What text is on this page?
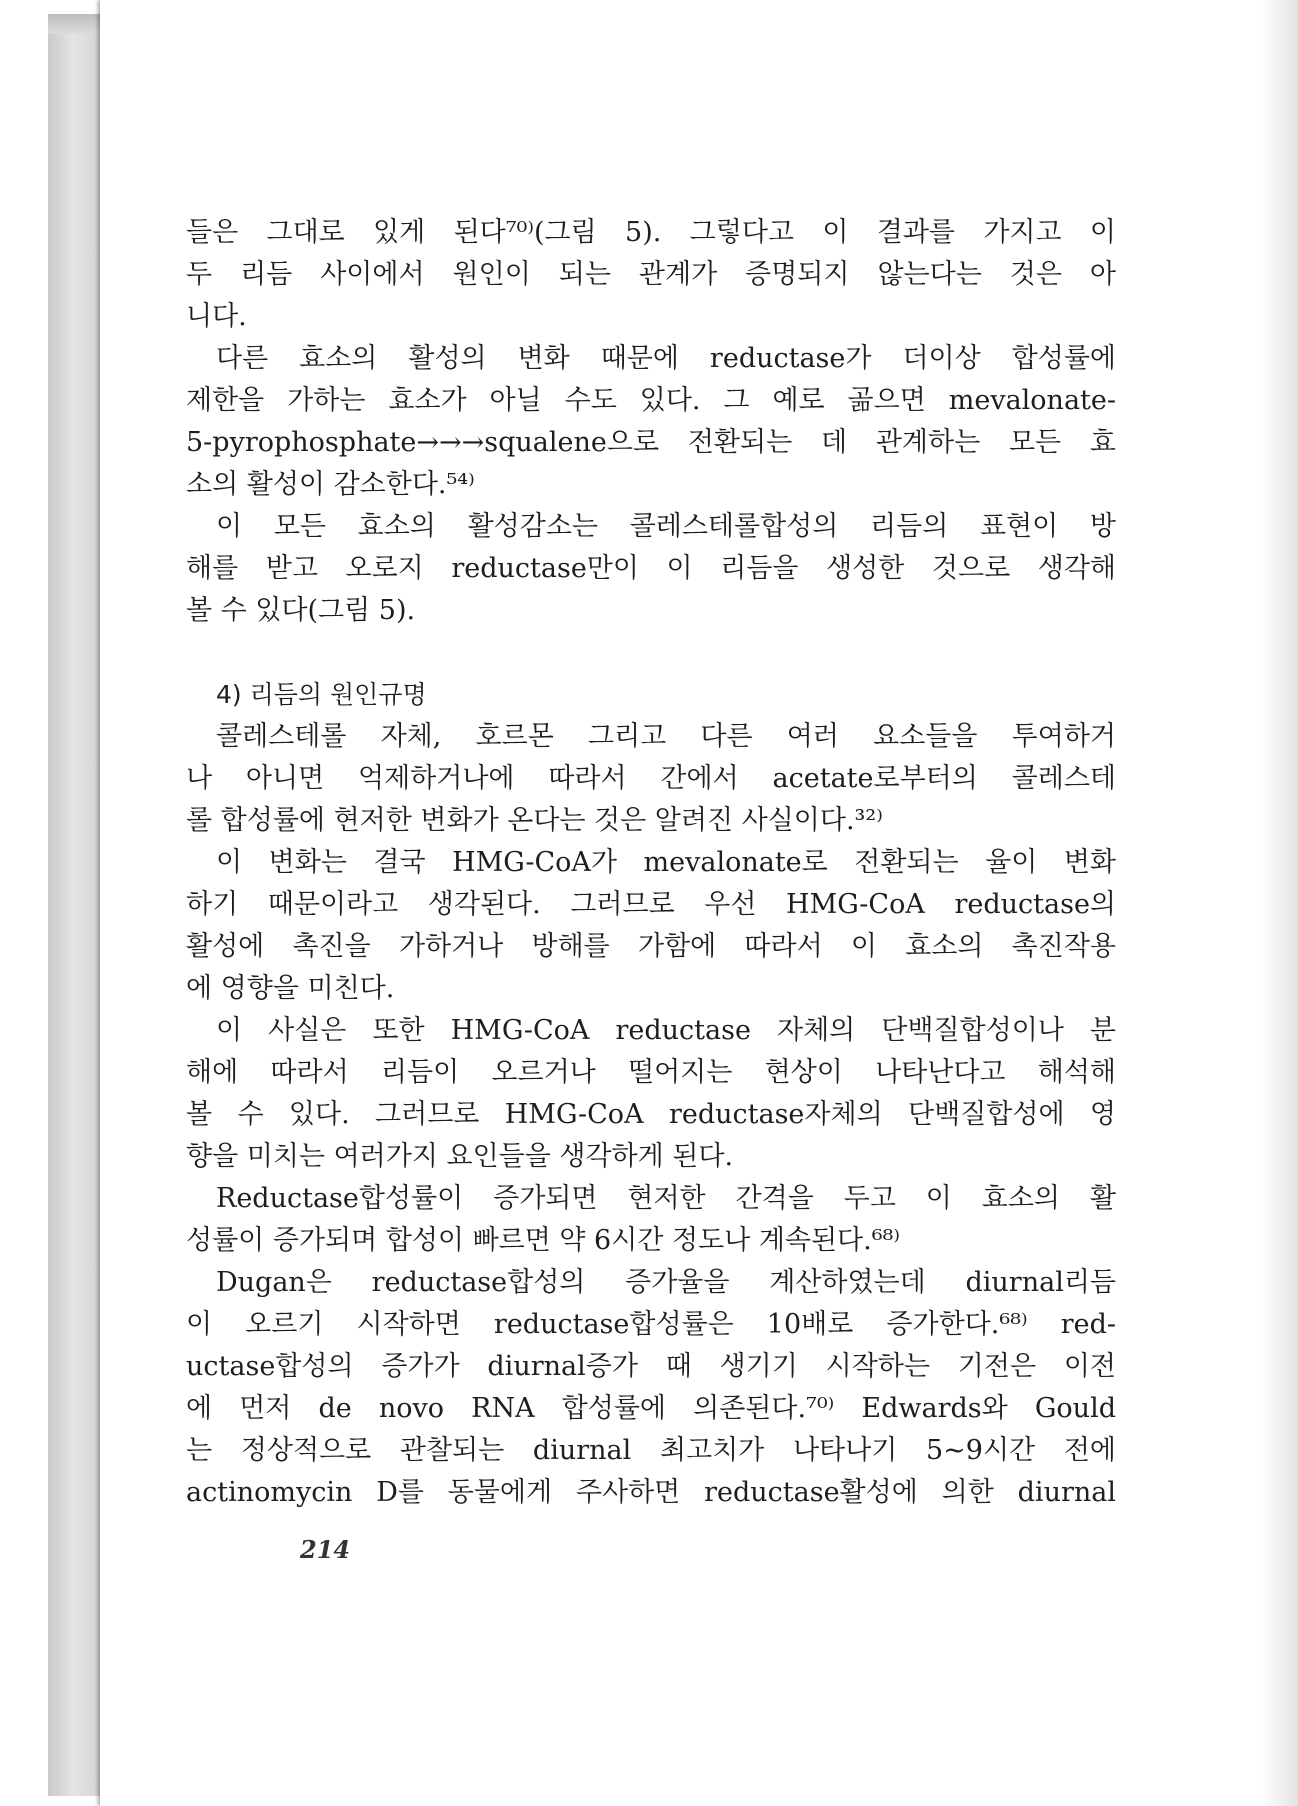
들은 그대로 있게 된다⁷⁰⁾(그림 5). 그렇다고 이 결과를 가지고 이
두 리듬 사이에서 원인이 되는 관계가 증명되지 않는다는 것은 아
니다.
다른 효소의 활성의 변화 때문에 reductase가 더이상 합성률에
제한을 가하는 효소가 아닐 수도 있다. 그 예로 곪으면 mevalonate-
5-pyrophosphate→→→squalene으로 전환되는 데 관계하는 모든 효
소의 활성이 감소한다.⁵⁴⁾
이 모든 효소의 활성감소는 콜레스테롤합성의 리듬의 표현이 방
해를 받고 오로지 reductase만이 이 리듬을 생성한 것으로 생각해
볼 수 있다(그림 5).
4) 리듬의 원인규명
콜레스테롤 자체, 호르몬 그리고 다른 여러 요소들을 투여하거
나 아니면 억제하거나에 따라서 간에서 acetate로부터의 콜레스테
롤 합성률에 현저한 변화가 온다는 것은 알려진 사실이다.³²⁾
이 변화는 결국 HMG-CoA가 mevalonate로 전환되는 율이 변화
하기 때문이라고 생각된다. 그러므로 우선 HMG-CoA reductase의
활성에 촉진을 가하거나 방해를 가함에 따라서 이 효소의 촉진작용
에 영향을 미친다.
이 사실은 또한 HMG-CoA reductase 자체의 단백질합성이나 분
해에 따라서 리듬이 오르거나 떨어지는 현상이 나타난다고 해석해
볼 수 있다. 그러므로 HMG-CoA reductase자체의 단백질합성에 영
향을 미치는 여러가지 요인들을 생각하게 된다.
Reductase합성률이 증가되면 현저한 간격을 두고 이 효소의 활
성률이 증가되며 합성이 빠르면 약 6시간 정도나 계속된다.⁶⁸⁾
Dugan은 reductase합성의 증가율을 계산하였는데 diurnal리듬
이 오르기 시작하면 reductase합성률은 10배로 증가한다.⁶⁸⁾ red-
uctase합성의 증가가 diurnal증가 때 생기기 시작하는 기전은 이전
에 먼저 de novo RNA 합성률에 의존된다.⁷⁰⁾ Edwards와 Gould
는 정상적으로 관찰되는 diurnal 최고치가 나타나기 5∼9시간 전에
actinomycin D를 동물에게 주사하면 reductase활성에 의한 diurnal
214
